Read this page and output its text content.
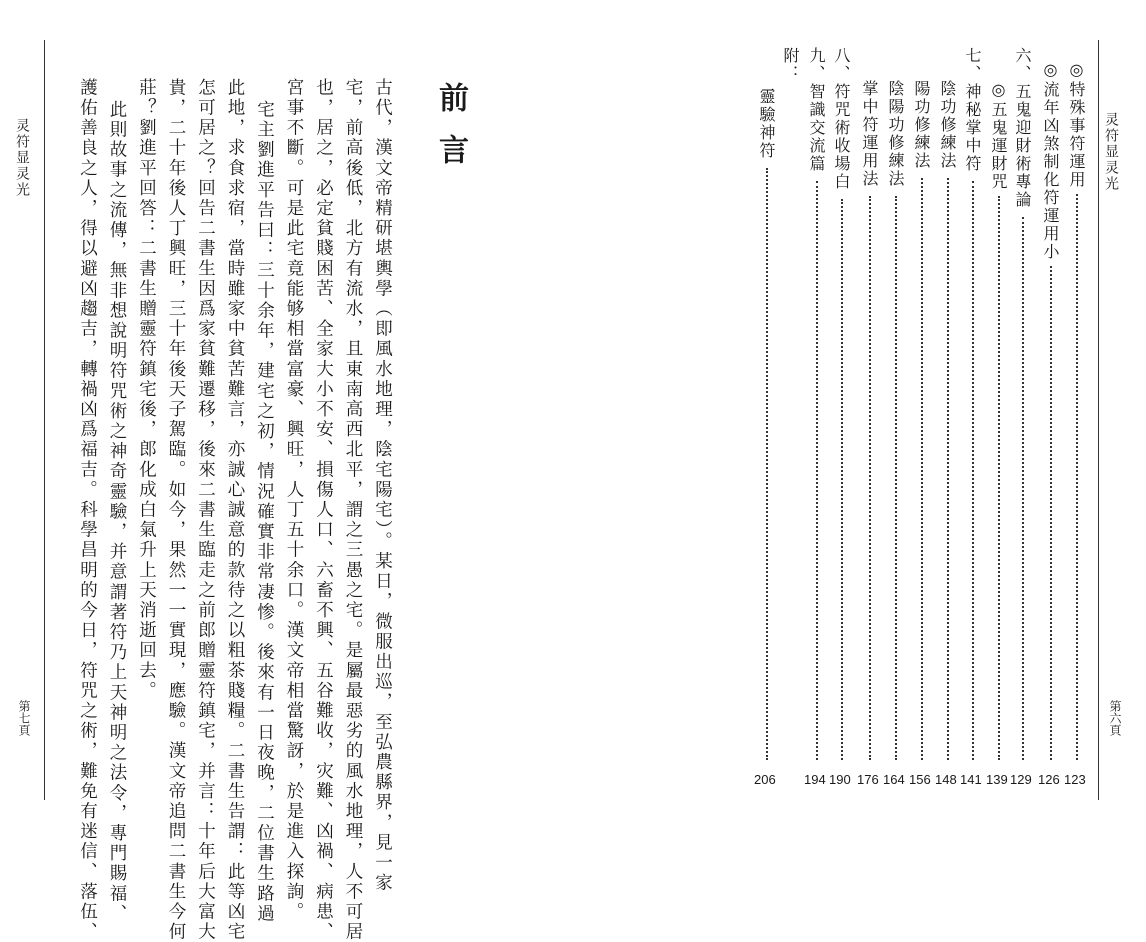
灵符显灵光
第七頁
前言
古代，漢文帝精研堪輿學（即風水地理，陰宅陽宅）。某日，微服出巡，至弘農縣界，見一家
宅，前高後低，北方有流水，且東南高西北平，謂之三愚之宅。是屬最惡劣的風水地理，人不可居
也，居之，必定貧賤困苦、全家大小不安、損傷人口、六畜不興、五谷難收，灾難、凶禍、病患、
宮事不斷。可是此宅竟能够相當富豪、興旺，人丁五十余口。漢文帝相當驚訝，於是進入探詢。
宅主劉進平告曰：三十余年，建宅之初，情況確實非常凄惨。後來有一日夜晚，二位書生路過
此地，求食求宿，當時雖家中貧苦難言，亦誠心誠意的款待之以粗茶賤糧。二書生告謂：此等凶宅
怎可居之？回告二書生因爲家貧難遷移，後來二書生臨走之前郎贈靈符鎮宅，并言：十年后大富大
貴，二十年後人丁興旺，三十年後天子駕臨。如今，果然一一實現，應驗。漢文帝追問二書生今何
莊？劉進平回答：二書生贈靈符鎮宅後，郎化成白氣升上天消逝回去。
此則故事之流傳，無非想說明符咒術之神奇靈驗，并意謂著符乃上天神明之法令，專門賜福、
護佑善良之人，得以避凶趨吉，轉禍凶爲福吉。科學昌明的今日，符咒之術，難免有迷信、落伍、	灵符显灵光
第六頁
◎特殊事符運用
123
◎流年凶煞制化符運用小
126
六、五鬼迎財術專論
129
◎五鬼運財咒
139
七、神秘掌中符
141
陰功修練法
148
陽功修練法
156
陰陽功修練法
164
掌中符運用法
176
八、符咒術收場白
190
九、智識交流篇
194
附：
靈驗神符
206
